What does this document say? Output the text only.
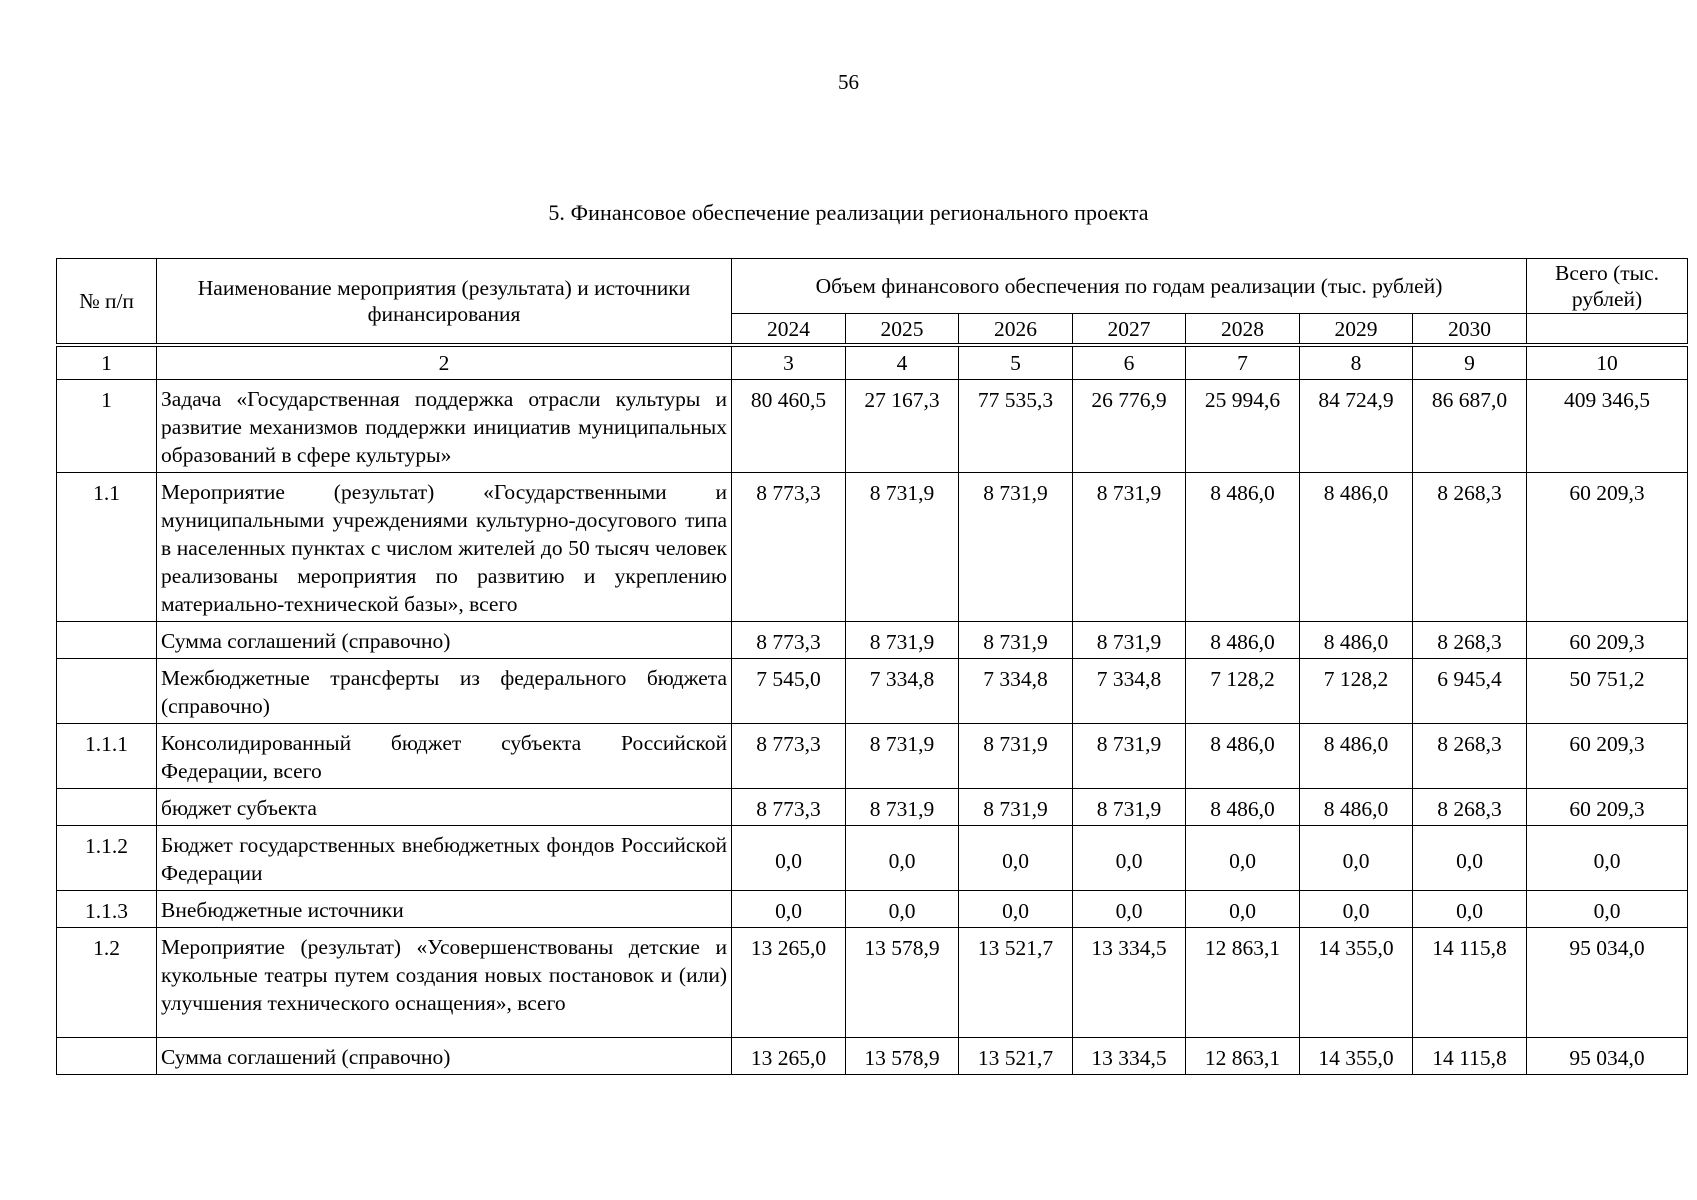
56
5. Финансовое обеспечение реализации регионального проекта
№ п/п	Наименование мероприятия (результата) и источники финансирования	Объем финансового обеспечения по годам реализации (тыс. рублей)							Всего (тыс. рублей)
		2024	2025	2026	2027	2028	2029	2030	
1	2	3	4	5	6	7	8	9	10
1	Задача «Государственная поддержка отрасли культуры и развитие механизмов поддержки инициатив муниципальных образований в сфере культуры»	80 460,5	27 167,3	77 535,3	26 776,9	25 994,6	84 724,9	86 687,0	409 346,5
1.1	Мероприятие (результат) «Государственными и муниципальными учреждениями культурно-досугового типа в населенных пунктах с числом жителей до 50 тысяч человек реализованы мероприятия по развитию и укреплению материально-технической базы», всего	8 773,3	8 731,9	8 731,9	8 731,9	8 486,0	8 486,0	8 268,3	60 209,3
	Сумма соглашений (справочно)	8 773,3	8 731,9	8 731,9	8 731,9	8 486,0	8 486,0	8 268,3	60 209,3
	Межбюджетные трансферты из федерального бюджета (справочно)	7 545,0	7 334,8	7 334,8	7 334,8	7 128,2	7 128,2	6 945,4	50 751,2
1.1.1	Консолидированный бюджет субъекта Российской Федерации, всего	8 773,3	8 731,9	8 731,9	8 731,9	8 486,0	8 486,0	8 268,3	60 209,3
	бюджет субъекта	8 773,3	8 731,9	8 731,9	8 731,9	8 486,0	8 486,0	8 268,3	60 209,3
1.1.2	Бюджет государственных внебюджетных фондов Российской Федерации	0,0	0,0	0,0	0,0	0,0	0,0	0,0	0,0
1.1.3	Внебюджетные источники	0,0	0,0	0,0	0,0	0,0	0,0	0,0	0,0
1.2	Мероприятие (результат) «Усовершенствованы детские и кукольные театры путем создания новых постановок и (или) улучшения технического оснащения», всего	13 265,0	13 578,9	13 521,7	13 334,5	12 863,1	14 355,0	14 115,8	95 034,0
	Сумма соглашений (справочно)	13 265,0	13 578,9	13 521,7	13 334,5	12 863,1	14 355,0	14 115,8	95 034,0
